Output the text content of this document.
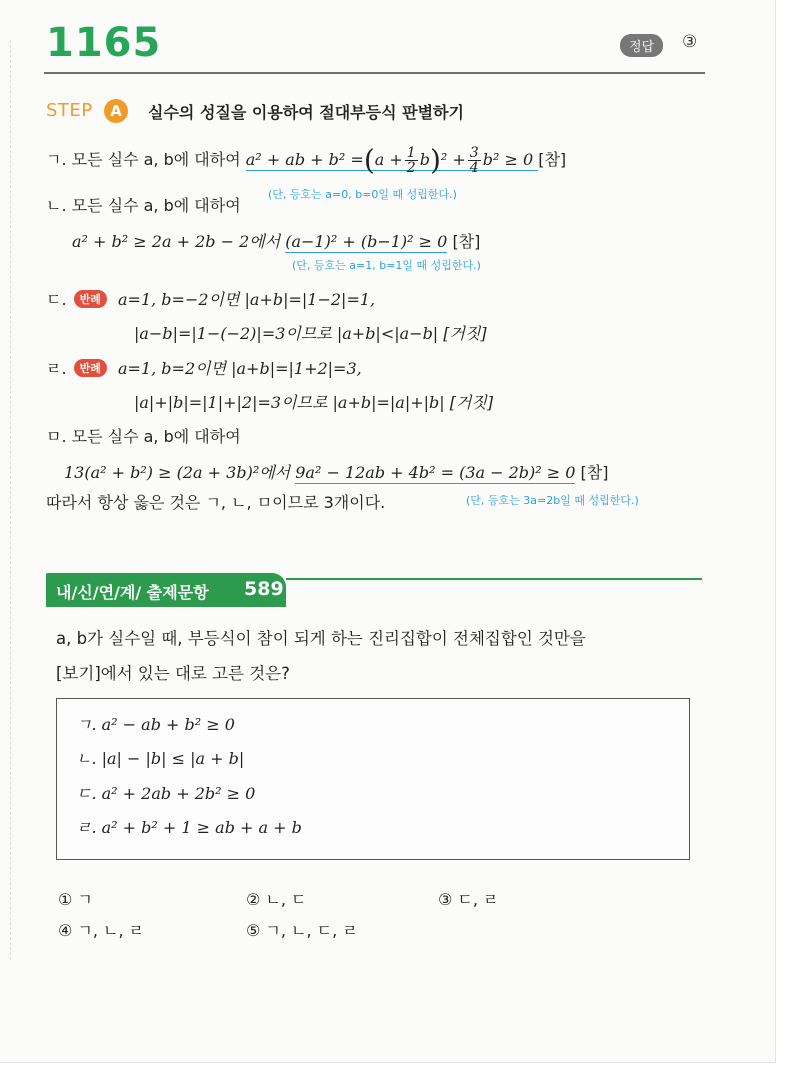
1165	정답	③
STEP	A	실수의 성질을 이용하여 절대부등식 판별하기
ㄱ. 모든 실수 a, b에 대하여 a² + ab + $b^2 =(a + \frac{1}{2} b)^2 + \frac{3}{4} b^2 \ge 0$ [참]
ㄴ. 모든 실수 a, b에 대하여
(단, 등호는 a=0, b=0일 때 성립한다.)
a² + b² ≥ 2a + 2b − 2에서 (a−1)² + (b−1)² ≥ 0 [참]
(단, 등호는 a=1, b=1일 때 성립한다.)
ㄷ. 반례 a=1, b=−2이면 |a+b|=|1−2|=1,
|a−b|=|1−(−2)|=3이므로 |a+b|<|a−b| [거짓]
ㄹ. 반례 a=1, b=2이면 |a+b|=|1+2|=3,
|a|+|b|=|1|+|2|=3이므로 |a+b|=|a|+|b| [거짓]
ㅁ. 모든 실수 a, b에 대하여
13(a² + b²) ≥ (2a + 3b)²에서 9a² − 12ab + 4b² = (3a − 2b)² ≥ 0 [참]
따라서 항상 옳은 것은 ㄱ, ㄴ, ㅁ이므로 3개이다.	(단, 등호는 3a=2b일 때 성립한다.)
내/신/연/계/ 출제문항 589
a, b가 실수일 때, 부등식이 참이 되게 하는 진리집합이 전체집합인 것만을
[보기]에서 있는 대로 고른 것은?
ㄱ. a² − ab + b² ≥ 0
ㄴ. |a| − |b| ≤ |a + b|
ㄷ. a² + 2ab + 2b² ≥ 0
ㄹ. a² + b² + 1 ≥ ab + a + b
① ㄱ	② ㄴ, ㄷ	③ ㄷ, ㄹ
④ ㄱ, ㄴ, ㄹ	⑤ ㄱ, ㄴ, ㄷ, ㄹ
